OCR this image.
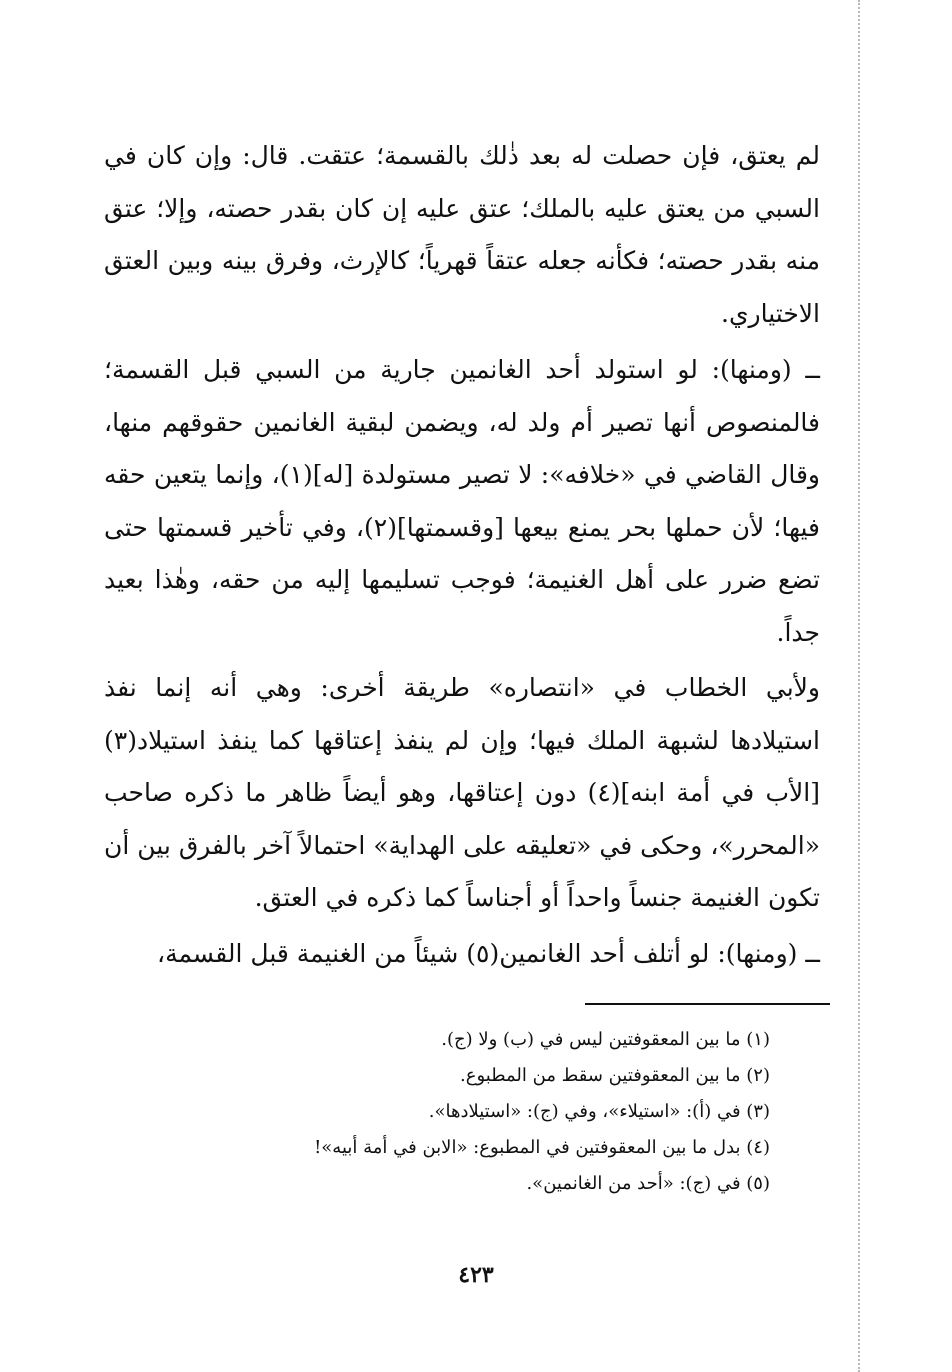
لم يعتق، فإن حصلت له بعد ذٰلك بالقسمة؛ عتقت. قال: وإن كان في السبي من يعتق عليه بالملك؛ عتق عليه إن كان بقدر حصته، وإلا؛ عتق منه بقدر حصته؛ فكأنه جعله عتقاً قهرياً؛ كالإرث، وفرق بينه وبين العتق الاختياري.

ــ (ومنها): لو استولد أحد الغانمين جارية من السبي قبل القسمة؛ فالمنصوص أنها تصير أم ولد له، ويضمن لبقية الغانمين حقوقهم منها، وقال القاضي في «خلافه»: لا تصير مستولدة [له](١)، وإنما يتعين حقه فيها؛ لأن حملها بحر يمنع بيعها [وقسمتها](٢)، وفي تأخير قسمتها حتى تضع ضرر على أهل الغنيمة؛ فوجب تسليمها إليه من حقه، وهٰذا بعيد جداً.

ولأبي الخطاب في «انتصاره» طريقة أخرى: وهي أنه إنما نفذ استيلادها لشبهة الملك فيها؛ وإن لم ينفذ إعتاقها كما ينفذ استيلاد(٣) [الأب في أمة ابنه](٤) دون إعتاقها، وهو أيضاً ظاهر ما ذكره صاحب «المحرر»، وحكى في «تعليقه على الهداية» احتمالاً آخر بالفرق بين أن تكون الغنيمة جنساً واحداً أو أجناساً كما ذكره في العتق.

ــ (ومنها): لو أتلف أحد الغانمين(٥) شيئاً من الغنيمة قبل القسمة،

(١) ما بين المعقوفتين ليس في (ب) ولا (ج).
(٢) ما بين المعقوفتين سقط من المطبوع.
(٣) في (أ): «استيلاء»، وفي (ج): «استيلادها».
(٤) بدل ما بين المعقوفتين في المطبوع: «الابن في أمة أبيه»!
(٥) في (ج): «أحد من الغانمين».
٤٢٣
